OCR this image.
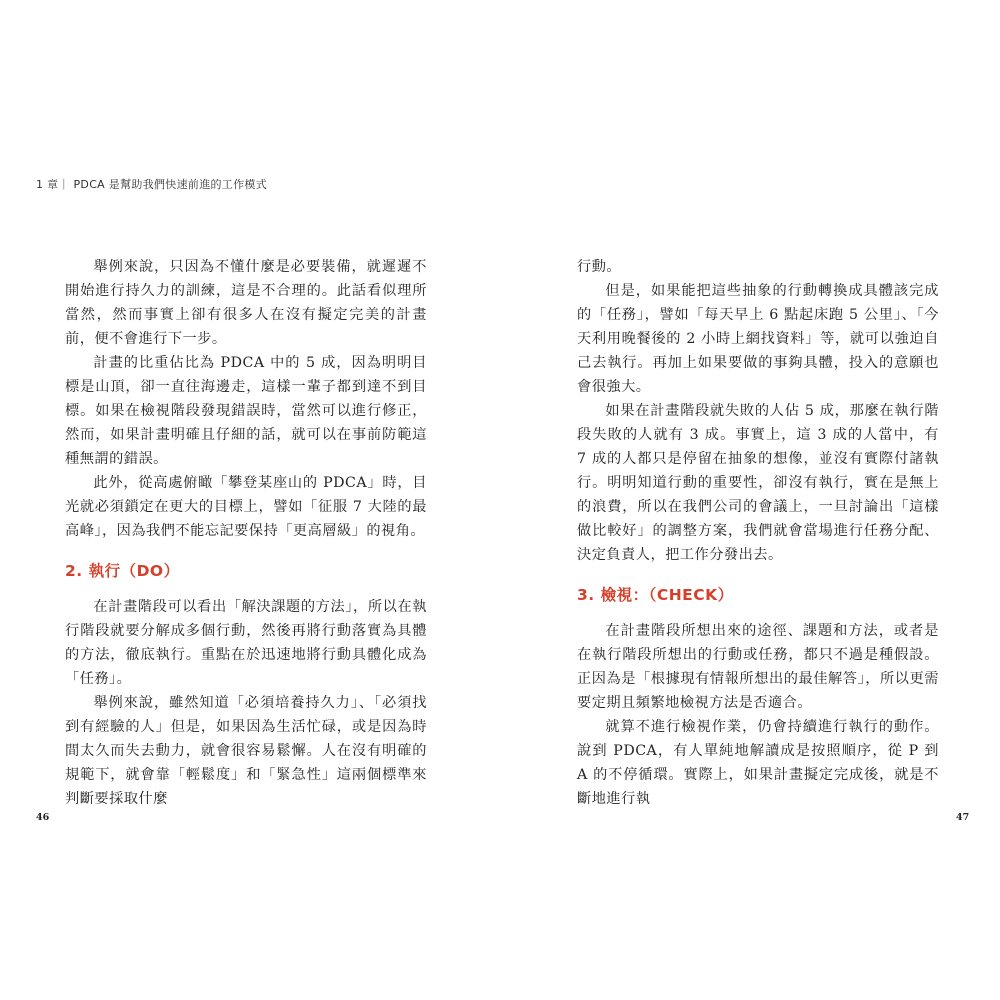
1 章｜ PDCA 是幫助我們快速前進的工作模式

舉例來說，只因為不懂什麼是必要裝備，就遲遲不開始進行持久力的訓練，這是不合理的。此話看似理所當然，然而事實上卻有很多人在沒有擬定完美的計畫前，便不會進行下一步。

計畫的比重佔比為 PDCA 中的 5 成，因為明明目標是山頂，卻一直往海邊走，這樣一輩子都到達不到目標。如果在檢視階段發現錯誤時，當然可以進行修正，然而，如果計畫明確且仔細的話，就可以在事前防範這種無謂的錯誤。

此外，從高處俯瞰「攀登某座山的 PDCA」時，目光就必須鎖定在更大的目標上，譬如「征服 7 大陸的最高峰」，因為我們不能忘記要保持「更高層級」的視角。

2. 執行（DO）

在計畫階段可以看出「解決課題的方法」，所以在執行階段就要分解成多個行動，然後再將行動落實為具體的方法，徹底執行。重點在於迅速地將行動具體化成為「任務」。

舉例來說，雖然知道「必須培養持久力」、「必須找到有經驗的人」但是，如果因為生活忙碌，或是因為時間太久而失去動力，就會很容易鬆懈。人在沒有明確的規範下，就會靠「輕鬆度」和「緊急性」這兩個標準來判斷要採取什麼

行動。

但是，如果能把這些抽象的行動轉換成具體該完成的「任務」，譬如「每天早上 6 點起床跑 5 公里」、「今天利用晚餐後的 2 小時上網找資料」等，就可以強迫自己去執行。再加上如果要做的事夠具體，投入的意願也會很強大。

如果在計畫階段就失敗的人佔 5 成，那麼在執行階段失敗的人就有 3 成。事實上，這 3 成的人當中，有 7 成的人都只是停留在抽象的想像，並沒有實際付諸執行。明明知道行動的重要性，卻沒有執行，實在是無上的浪費，所以在我們公司的會議上，一旦討論出「這樣做比較好」的調整方案，我們就會當場進行任務分配、決定負責人，把工作分發出去。

3. 檢視：（CHECK）

在計畫階段所想出來的途徑、課題和方法，或者是在執行階段所想出的行動或任務，都只不過是種假設。正因為是「根據現有情報所想出的最佳解答」，所以更需要定期且頻繁地檢視方法是否適合。

就算不進行檢視作業，仍會持續進行執行的動作。說到 PDCA，有人單純地解讀成是按照順序，從 P 到 A 的不停循環。實際上，如果計畫擬定完成後，就是不斷地進行執

46	47
